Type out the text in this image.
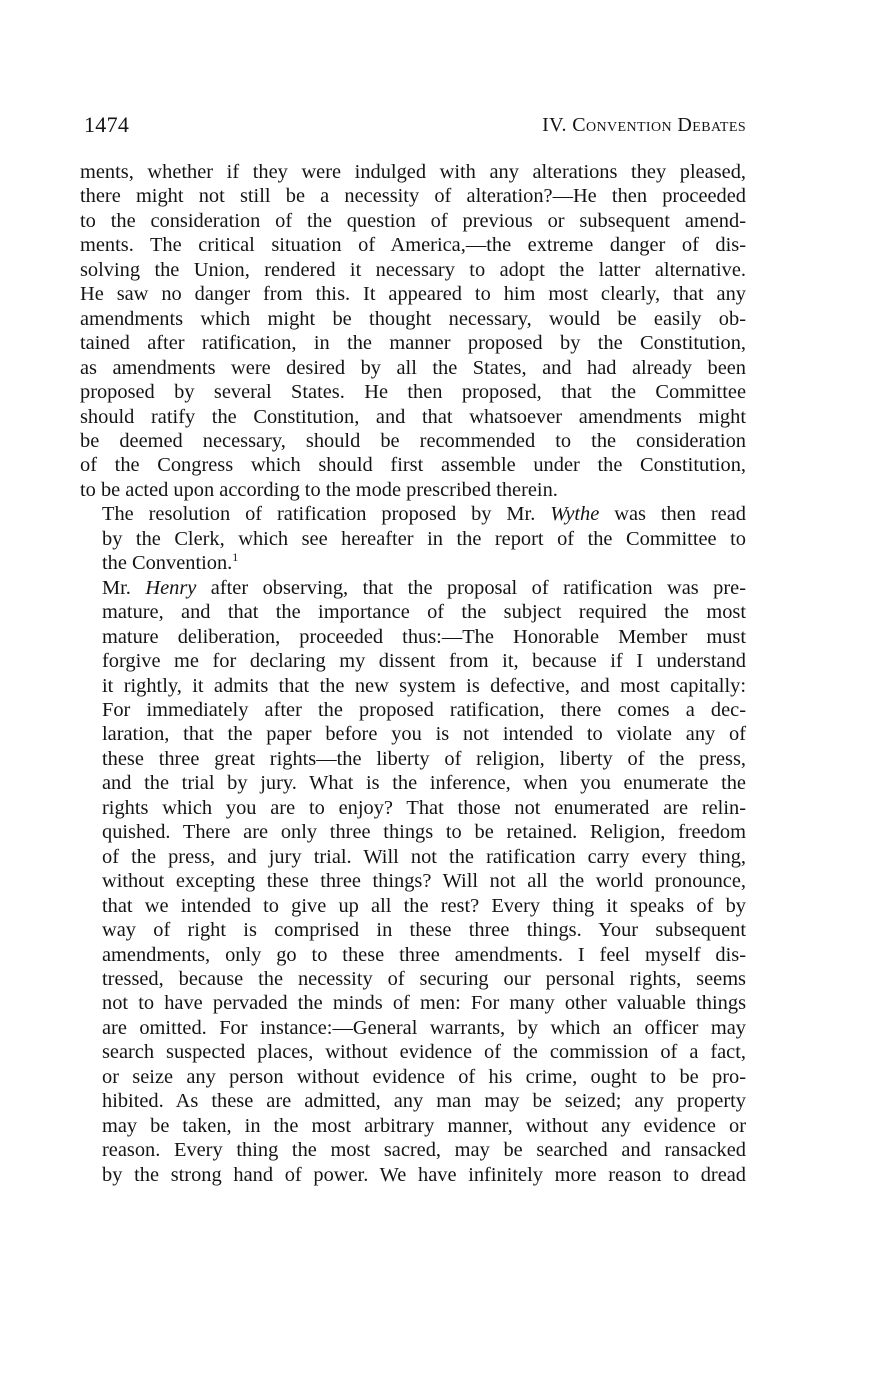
1474	IV. Convention Debates

ments, whether if they were indulged with any alterations they pleased,
there might not still be a necessity of alteration?—He then proceeded
to the consideration of the question of previous or subsequent amend-
ments. The critical situation of America,—the extreme danger of dis-
solving the Union, rendered it necessary to adopt the latter alternative.
He saw no danger from this. It appeared to him most clearly, that any
amendments which might be thought necessary, would be easily ob-
tained after ratification, in the manner proposed by the Constitution,
as amendments were desired by all the States, and had already been
proposed by several States. He then proposed, that the Committee
should ratify the Constitution, and that whatsoever amendments might
be deemed necessary, should be recommended to the consideration
of the Congress which should first assemble under the Constitution,
to be acted upon according to the mode prescribed therein.

The resolution of ratification proposed by Mr. Wythe was then read
by the Clerk, which see hereafter in the report of the Committee to
the Convention.$^1$

Mr. Henry after observing, that the proposal of ratification was pre-
mature, and that the importance of the subject required the most
mature deliberation, proceeded thus:—The Honorable Member must
forgive me for declaring my dissent from it, because if I understand
it rightly, it admits that the new system is defective, and most capitally:
For immediately after the proposed ratification, there comes a dec-
laration, that the paper before you is not intended to violate any of
these three great rights—the liberty of religion, liberty of the press,
and the trial by jury. What is the inference, when you enumerate the
rights which you are to enjoy? That those not enumerated are relin-
quished. There are only three things to be retained. Religion, freedom
of the press, and jury trial. Will not the ratification carry every thing,
without excepting these three things? Will not all the world pronounce,
that we intended to give up all the rest? Every thing it speaks of by
way of right is comprised in these three things. Your subsequent
amendments, only go to these three amendments. I feel myself dis-
tressed, because the necessity of securing our personal rights, seems
not to have pervaded the minds of men: For many other valuable things
are omitted. For instance:—General warrants, by which an officer may
search suspected places, without evidence of the commission of a fact,
or seize any person without evidence of his crime, ought to be pro-
hibited. As these are admitted, any man may be seized; any property
may be taken, in the most arbitrary manner, without any evidence or
reason. Every thing the most sacred, may be searched and ransacked
by the strong hand of power. We have infinitely more reason to dread
